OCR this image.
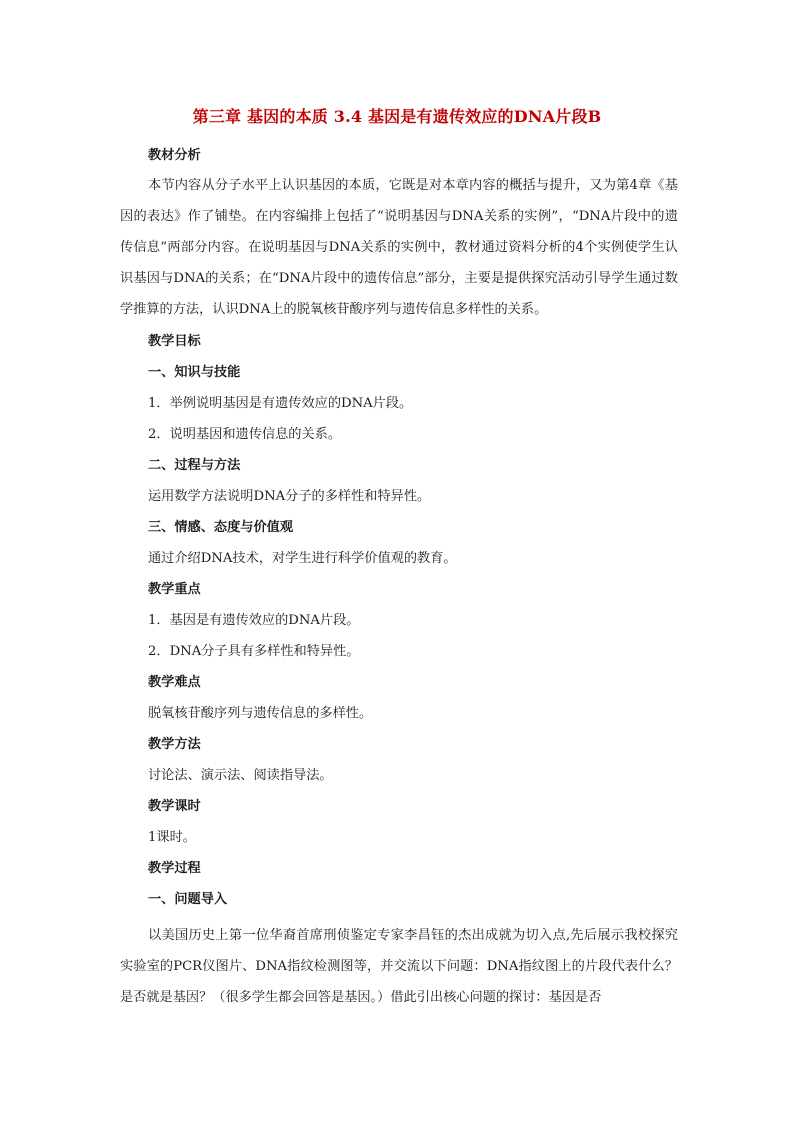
第三章 基因的本质 3.4 基因是有遗传效应的DNA片段B
教材分析
本节内容从分子水平上认识基因的本质，它既是对本章内容的概括与提升，又为第4章《基因的表达》作了铺垫。在内容编排上包括了“说明基因与DNA关系的实例”，“DNA片段中的遗传信息”两部分内容。在说明基因与DNA关系的实例中，教材通过资料分析的4个实例使学生认识基因与DNA的关系；在“DNA片段中的遗传信息”部分，主要是提供探究活动引导学生通过数学推算的方法，认识DNA上的脱氧核苷酸序列与遗传信息多样性的关系。
教学目标
一、知识与技能
1．举例说明基因是有遗传效应的DNA片段。
2．说明基因和遗传信息的关系。
二、过程与方法
运用数学方法说明DNA分子的多样性和特异性。
三、情感、态度与价值观
通过介绍DNA技术，对学生进行科学价值观的教育。
教学重点
1．基因是有遗传效应的DNA片段。
2．DNA分子具有多样性和特异性。
教学难点
脱氧核苷酸序列与遗传信息的多样性。
教学方法
讨论法、演示法、阅读指导法。
教学课时
1课时。
教学过程
一、问题导入
以美国历史上第一位华裔首席刑侦鉴定专家李昌钰的杰出成就为切入点,先后展示我校探究实验室的PCR仪图片、DNA指纹检测图等，并交流以下问题：DNA指纹图上的片段代表什么？是否就是基因？（很多学生都会回答是基因。）借此引出核心问题的探讨：基因是否
